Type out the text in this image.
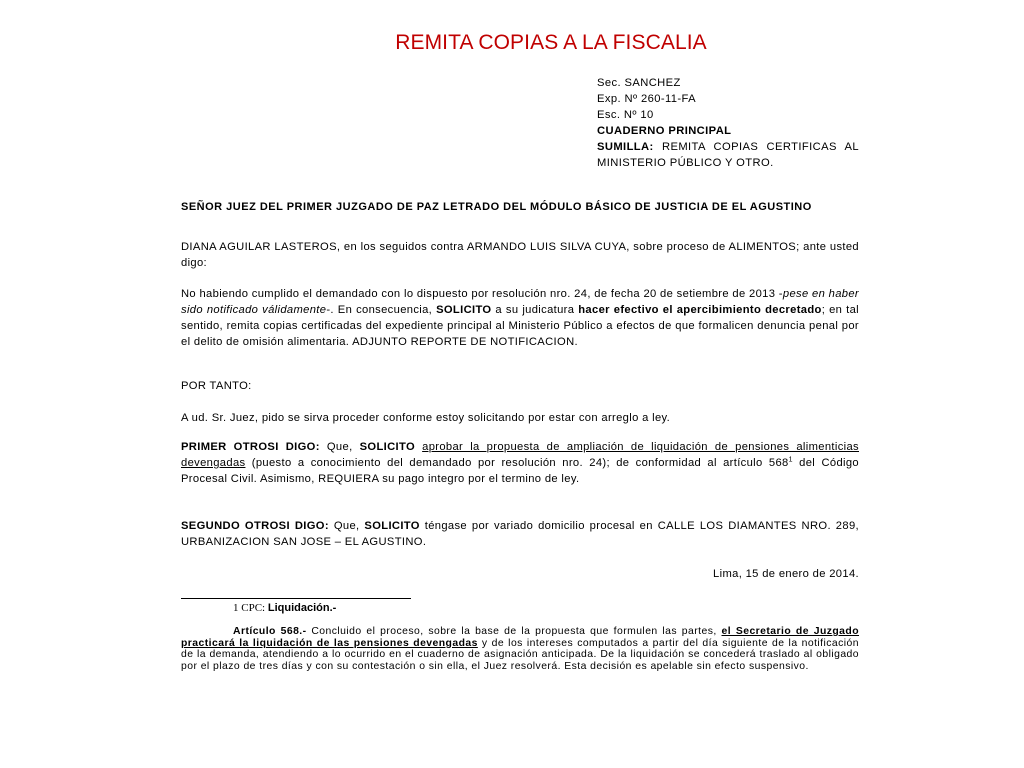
REMITA COPIAS A LA FISCALIA
Sec. SANCHEZ
Exp. Nº 260-11-FA
Esc. Nº 10
CUADERNO PRINCIPAL
SUMILLA: REMITA COPIAS CERTIFICAS AL MINISTERIO PÚBLICO Y OTRO.
SEÑOR JUEZ DEL PRIMER JUZGADO DE PAZ LETRADO DEL MÓDULO BÁSICO DE JUSTICIA DE EL AGUSTINO
DIANA AGUILAR LASTEROS, en los seguidos contra ARMANDO LUIS SILVA CUYA, sobre proceso de ALIMENTOS; ante usted digo:
No habiendo cumplido el demandado con lo dispuesto por resolución nro. 24, de fecha 20 de setiembre de 2013 -pese en haber sido notificado válidamente-. En consecuencia, SOLICITO a su judicatura hacer efectivo el apercibimiento decretado; en tal sentido, remita copias certificadas del expediente principal al Ministerio Público a efectos de que formalicen denuncia penal por el delito de omisión alimentaria. ADJUNTO REPORTE DE NOTIFICACION.
POR TANTO:
A ud. Sr. Juez, pido se sirva proceder conforme estoy solicitando por estar con arreglo a ley.
PRIMER OTROSI DIGO: Que, SOLICITO aprobar la propuesta de ampliación de liquidación de pensiones alimenticias devengadas (puesto a conocimiento del demandado por resolución nro. 24); de conformidad al artículo $568^1$ del Código Procesal Civil. Asimismo, REQUIERA su pago integro por el termino de ley.
SEGUNDO OTROSI DIGO: Que, SOLICITO téngase por variado domicilio procesal en CALLE LOS DIAMANTES NRO. 289, URBANIZACION SAN JOSE – EL AGUSTINO.
Lima, 15 de enero de 2014.
1 CPC: Liquidación.-
Artículo 568.- Concluido el proceso, sobre la base de la propuesta que formulen las partes, el Secretario de Juzgado practicará la liquidación de las pensiones devengadas y de los intereses computados a partir del día siguiente de la notificación de la demanda, atendiendo a lo ocurrido en el cuaderno de asignación anticipada. De la liquidación se concederá traslado al obligado por el plazo de tres días y con su contestación o sin ella, el Juez resolverá. Esta decisión es apelable sin efecto suspensivo.
